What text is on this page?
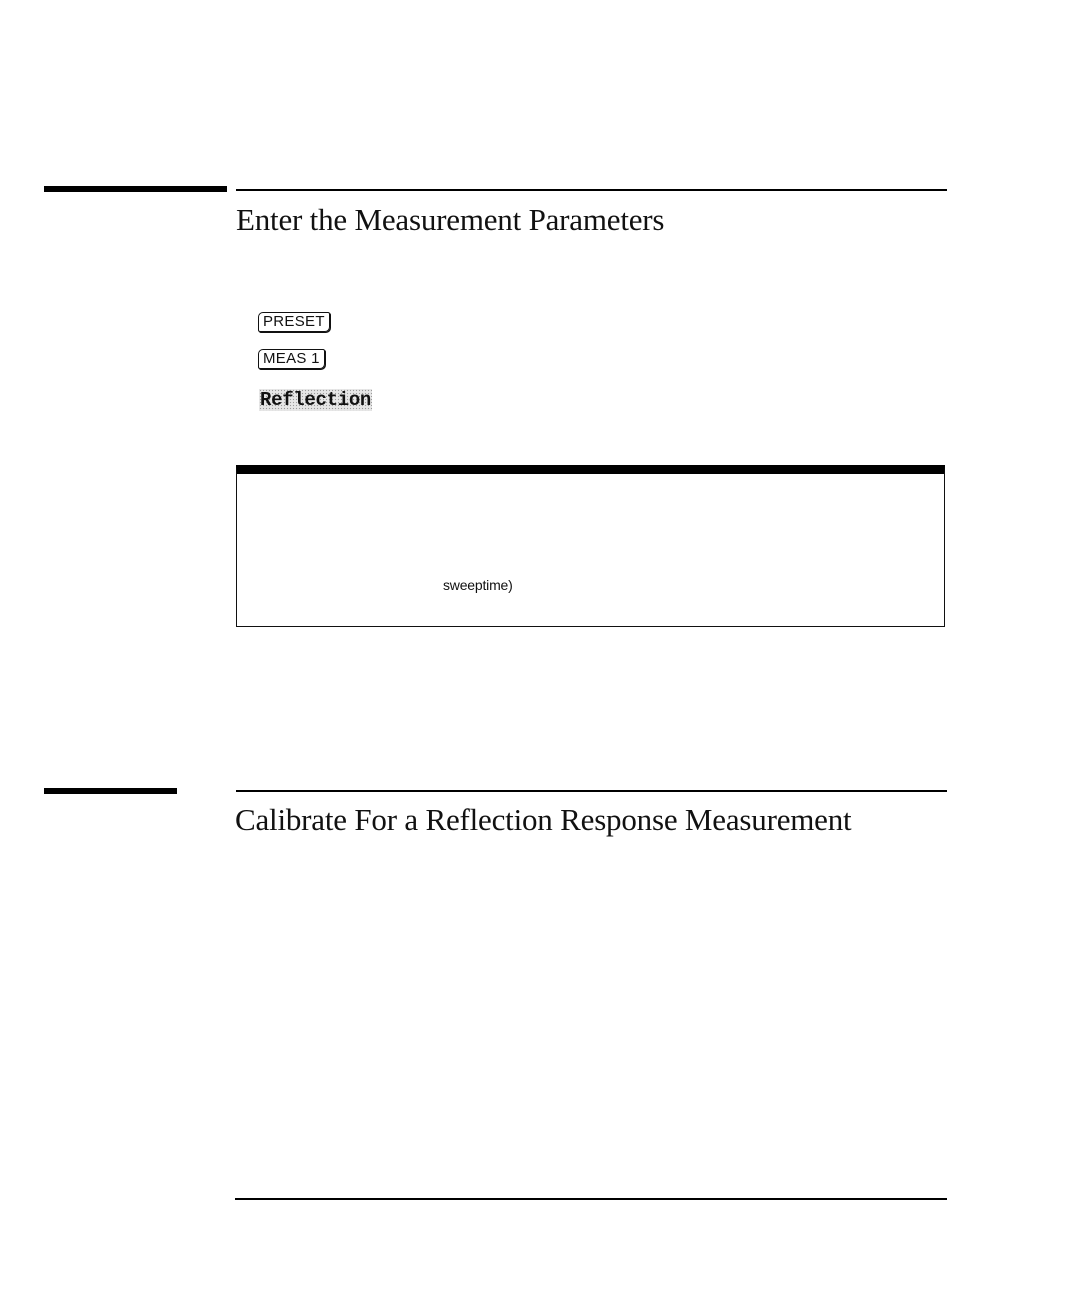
Enter the Measurement Parameters
PRESET
MEAS 1
Reflection
sweeptime)
Calibrate For a Reflection Response Measurement
